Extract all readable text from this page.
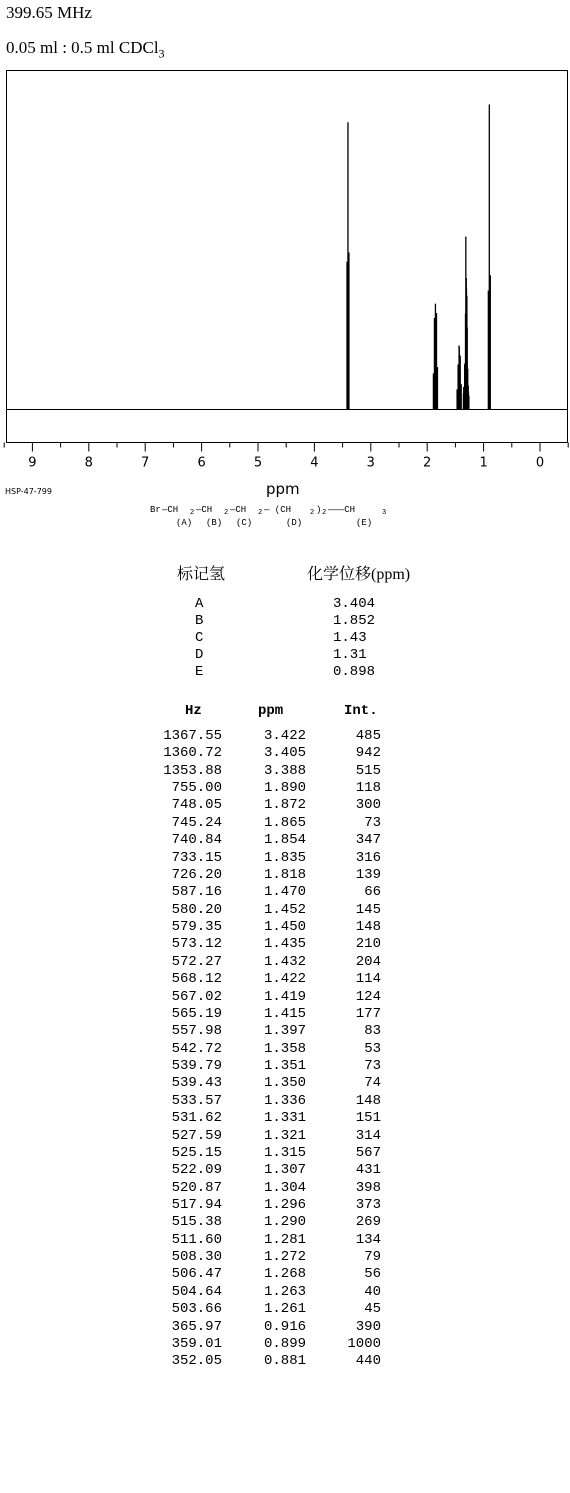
399.65 MHz
0.05 ml : 0.5 ml CDCl$_3$
9	8	7	6	5	4	3	2	1	0
HSP-47-799	ppm

Br

—CH

2

—CH

2

—CH

2

— (CH

	2

)

2

———CH

	3

(A)

(B)

(C)

	(D)

	(E)

标记氢	化学位移(ppm)
A	3.404
B	1.852
C	1.43
D	1.31
E	0.898
Hz	ppm	Int.
1367.55	3.422	485
1360.72	3.405	942
1353.88	3.388	515
755.00	1.890	118
748.05	1.872	300
745.24	1.865	73
740.84	1.854	347
733.15	1.835	316
726.20	1.818	139
587.16	1.470	66
580.20	1.452	145
579.35	1.450	148
573.12	1.435	210
572.27	1.432	204
568.12	1.422	114
567.02	1.419	124
565.19	1.415	177
557.98	1.397	83
542.72	1.358	53
539.79	1.351	73
539.43	1.350	74
533.57	1.336	148
531.62	1.331	151
527.59	1.321	314
525.15	1.315	567
522.09	1.307	431
520.87	1.304	398
517.94	1.296	373
515.38	1.290	269
511.60	1.281	134
508.30	1.272	79
506.47	1.268	56
504.64	1.263	40
503.66	1.261	45
365.97	0.916	390
359.01	0.899	1000
352.05	0.881	440
